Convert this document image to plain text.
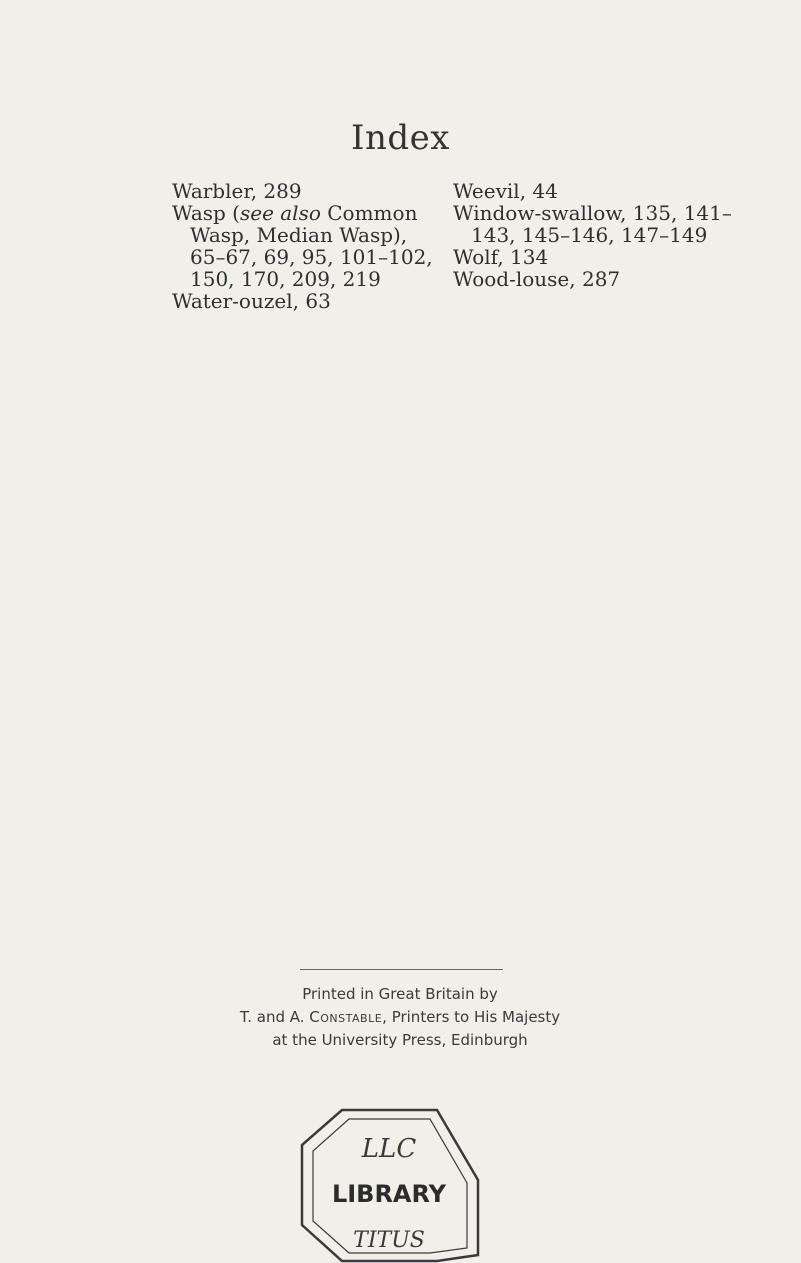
Index
Warbler, 289
Wasp (see also Common
Wasp, Median Wasp),
65–67, 69, 95, 101–102,
150, 170, 209, 219
Water-ouzel, 63
Weevil, 44
Window-swallow, 135, 141–
143, 145–146, 147–149
Wolf, 134
Wood-louse, 287
Printed in Great Britain by
T. and A. Constable, Printers to His Majesty
at the University Press, Edinburgh
LLC
LIBRARY
TITUS
